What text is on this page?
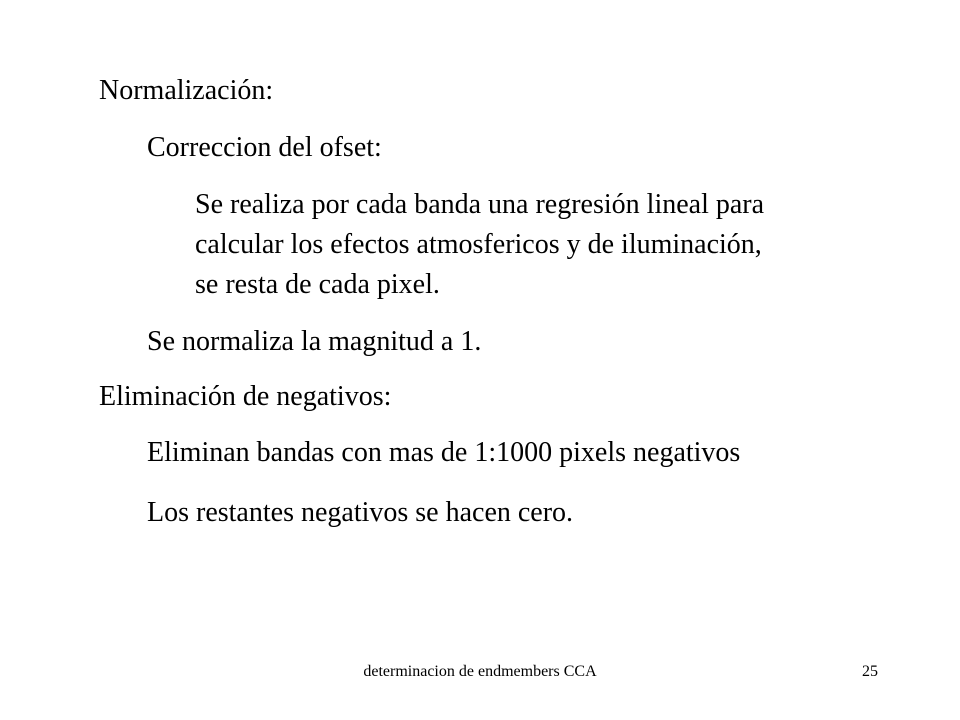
Normalización:
Correccion del ofset:
Se realiza por cada banda una regresión lineal para
calcular los efectos atmosfericos y de iluminación,
se resta de cada pixel.
Se normaliza la magnitud a 1.
Eliminación de negativos:
Eliminan bandas con mas de 1:1000 pixels negativos
Los restantes negativos se hacen cero.
determinacion de endmembers CCA	25
